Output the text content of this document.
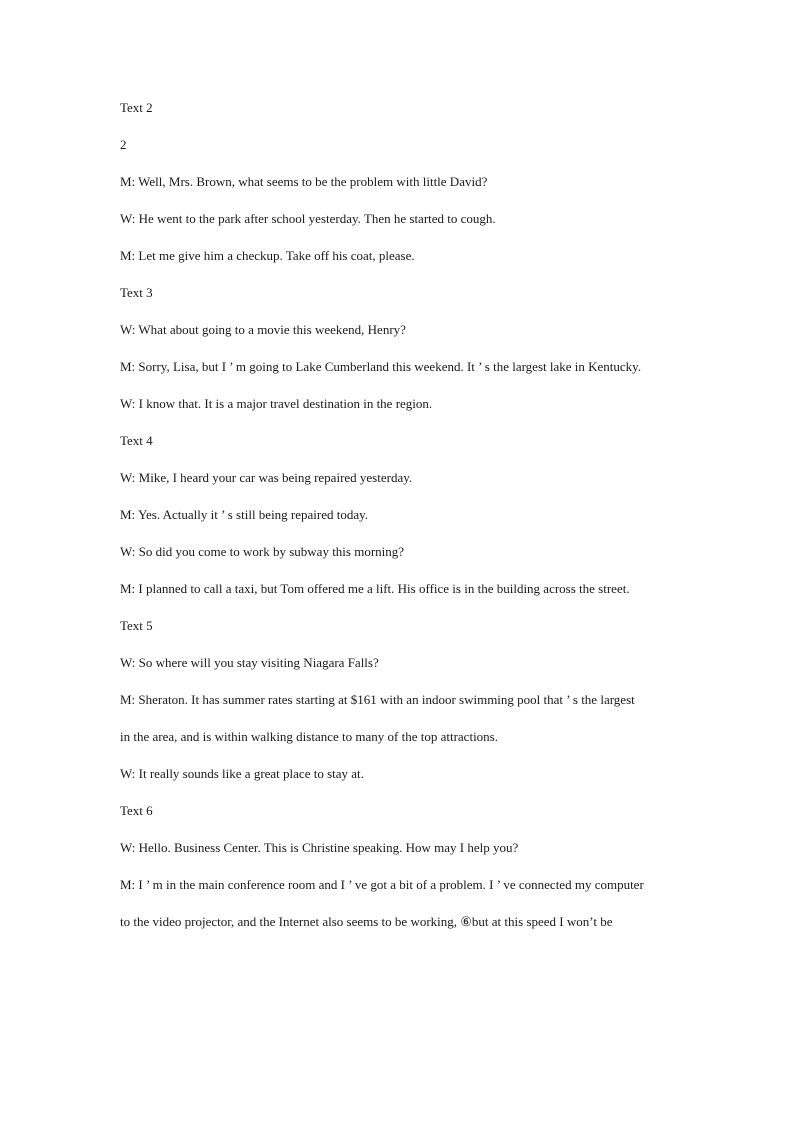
Text 2

2

M: Well, Mrs. Brown, what seems to be the problem with little David?

W: He went to the park after school yesterday. Then he started to cough.

M: Let me give him a checkup. Take off his coat, please.

Text 3

W: What about going to a movie this weekend, Henry?

M: Sorry, Lisa, but I ’ m going to Lake Cumberland this weekend. It ’ s the largest lake in Kentucky.

W: I know that. It is a major travel destination in the region.

Text 4

W: Mike, I heard your car was being repaired yesterday.

M: Yes. Actually it ’ s still being repaired today.

W: So did you come to work by subway this morning?

M: I planned to call a taxi, but Tom offered me a lift. His office is in the building across the street.

Text 5

W: So where will you stay visiting Niagara Falls?

M: Sheraton. It has summer rates starting at $161 with an indoor swimming pool that ’ s the largest

in the area, and is within walking distance to many of the top attractions.

W: It really sounds like a great place to stay at.

Text 6

W: Hello. Business Center. This is Christine speaking. How may I help you?

M: I ’ m in the main conference room and I ’ ve got a bit of a problem. I ’ ve connected my computer

to the video projector, and the Internet also seems to be working, ⑥but at this speed I won’t be
